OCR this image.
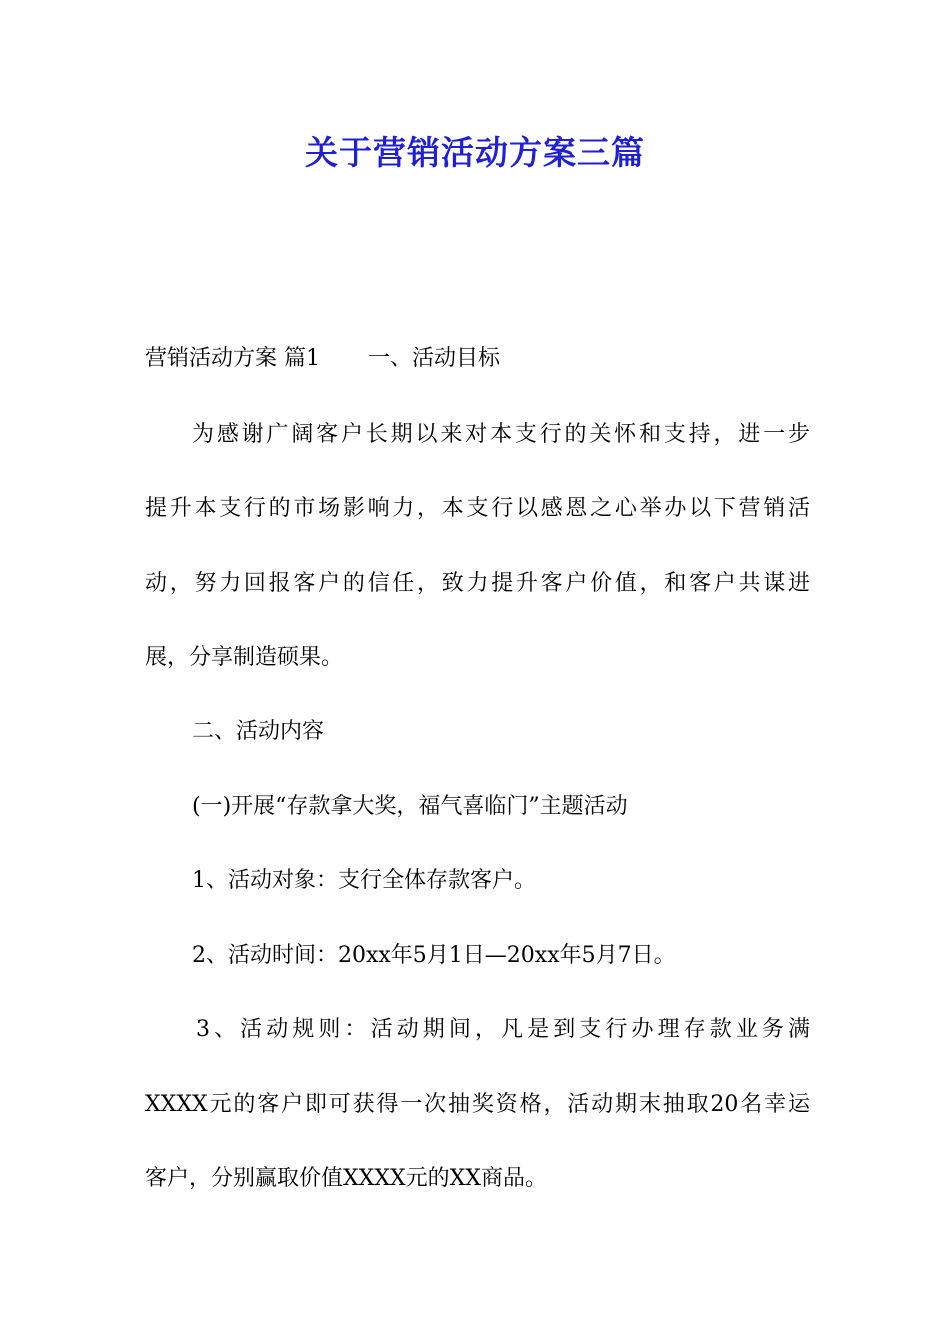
关于营销活动方案三篇

营销活动方案 篇1 一、活动目标

为感谢广阔客户长期以来对本支行的关怀和支持，进一步

提升本支行的市场影响力，本支行以感恩之心举办以下营销活

动，努力回报客户的信任，致力提升客户价值，和客户共谋进

展，分享制造硕果。

二、活动内容

(一)开展“存款拿大奖，福气喜临门”主题活动

1、活动对象：支行全体存款客户。

2、活动时间：20xx年5月1日—20xx年5月7日。

3、活动规则：活动期间，凡是到支行办理存款业务满

XXXX元的客户即可获得一次抽奖资格，活动期末抽取20名幸运

客户，分别赢取价值XXXX元的XX商品。
